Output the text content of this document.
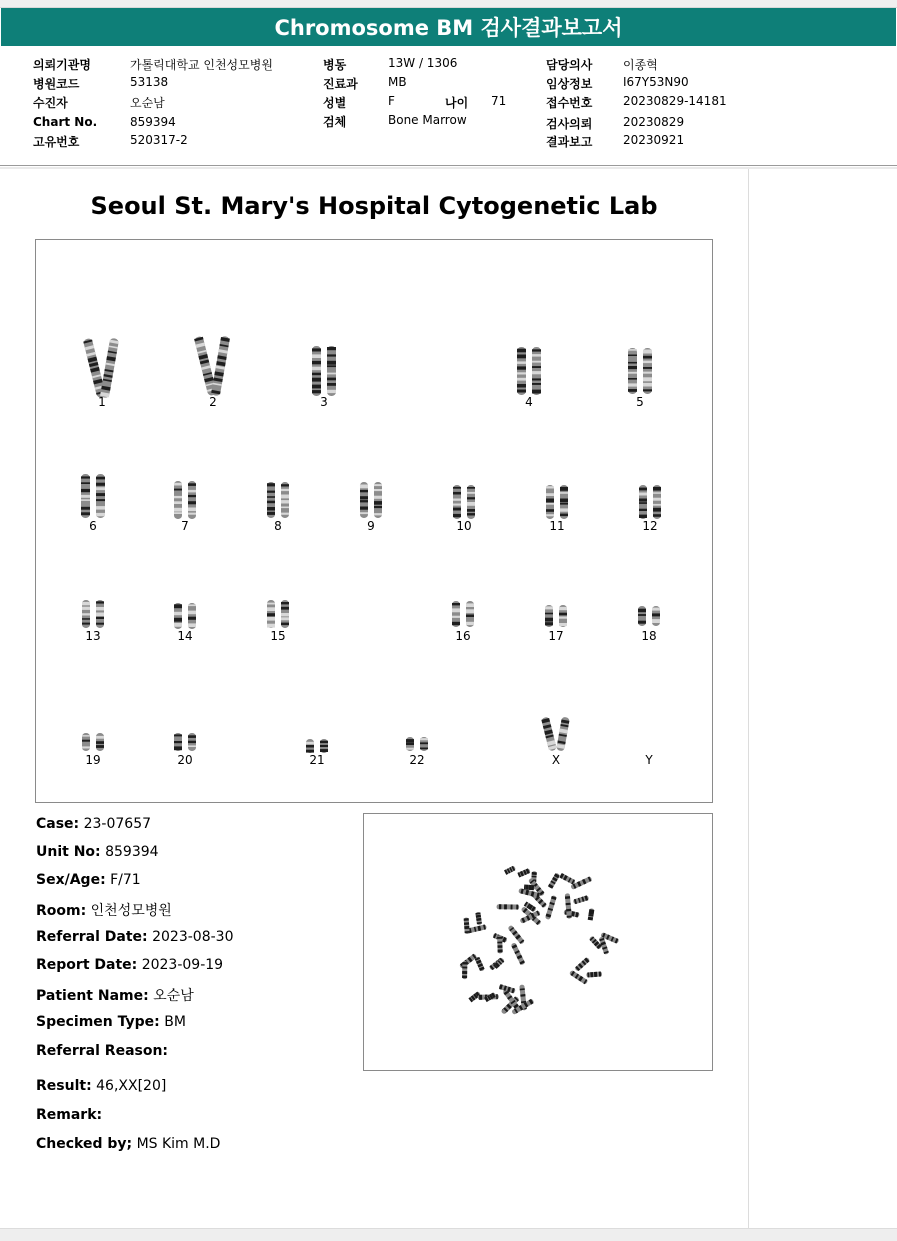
Chromosome BM 검사결과보고서
의뢰기관명	가톨릭대학교 인천성모병원
병원코드	53138
수진자	오순남
Chart No.	859394
고유번호	520317-2
병동	13W / 1306
진료과	MB
성별	F	나이 71
검체	Bone Marrow
담당의사	이종혁
임상정보	I67Y53N90
접수번호	20230829-14181
검사의뢰	20230829
결과보고	20230921
Seoul St. Mary's Hospital Cytogenetic Lab
1	2	3	4	5
6	7	8	9	10	11	12
13	14	15	16	17	18
19	20	21	22	X	Y
Case: 23-07657
Unit No: 859394
Sex/Age: F/71
Room: 인천성모병원
Referral Date: 2023-08-30
Report Date: 2023-09-19
Patient Name: 오순남
Specimen Type: BM
Referral Reason:
Result: 46,XX[20]
Remark:
Checked by; MS Kim M.D
